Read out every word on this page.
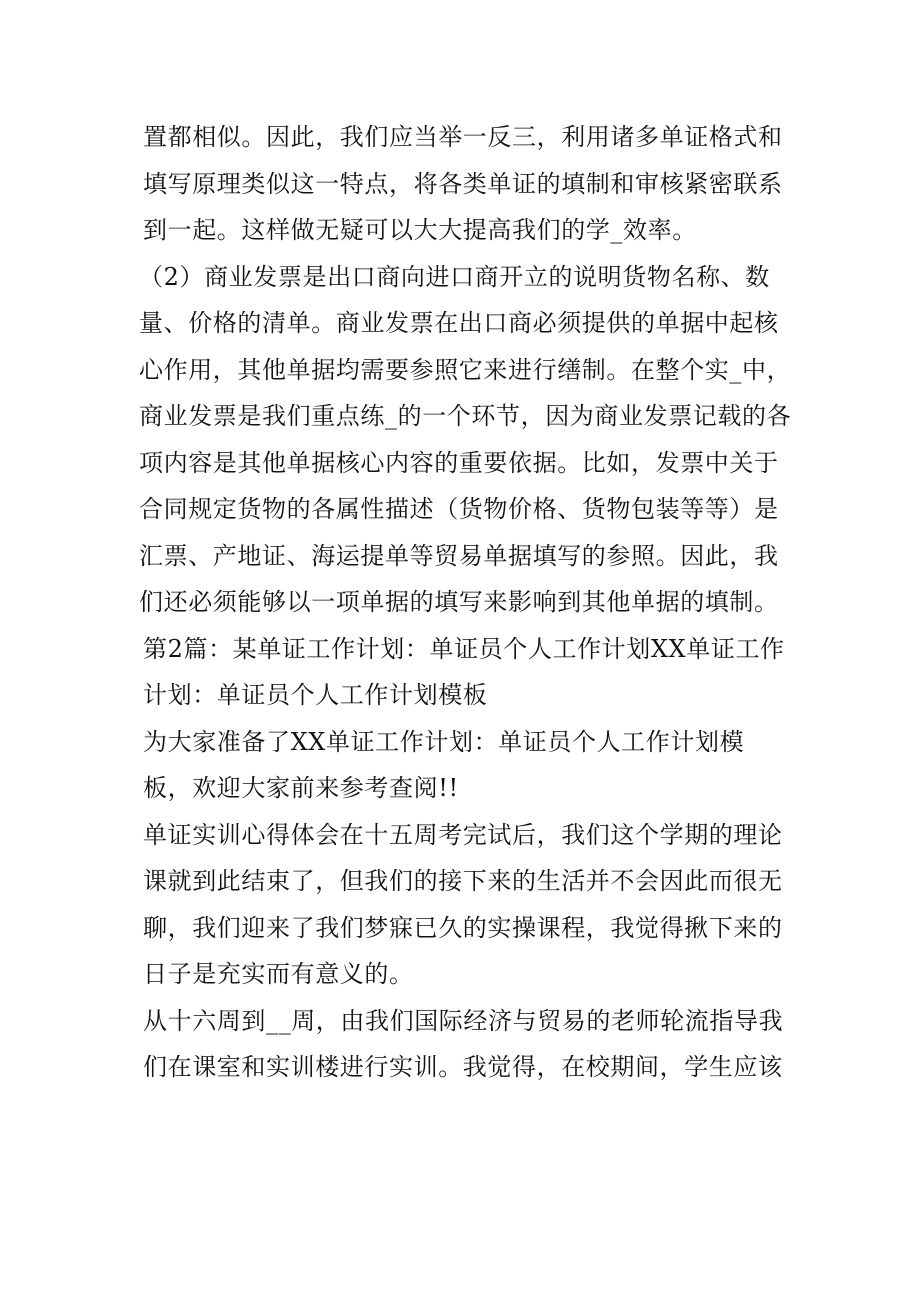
置都相似。因此，我们应当举一反三，利用诸多单证格式和填写原理类似这一特点，将各类单证的填制和审核紧密联系到一起。这样做无疑可以大大提高我们的学_效率。

（2）商业发票是出口商向进口商开立的说明货物名称、数量、价格的清单。商业发票在出口商必须提供的单据中起核心作用，其他单据均需要参照它来进行缮制。在整个实_中，商业发票是我们重点练_的一个环节，因为商业发票记载的各项内容是其他单据核心内容的重要依据。比如，发票中关于合同规定货物的各属性描述（货物价格、货物包装等等）是汇票、产地证、海运提单等贸易单据填写的参照。因此，我们还必须能够以一项单据的填写来影响到其他单据的填制。

第2篇：某单证工作计划：单证员个人工作计划XX单证工作计划：单证员个人工作计划模板

为大家准备了XX单证工作计划：单证员个人工作计划模板，欢迎大家前来参考查阅!!

单证实训心得体会在十五周考完试后，我们这个学期的理论课就到此结束了，但我们的接下来的生活并不会因此而很无聊，我们迎来了我们梦寐已久的实操课程，我觉得揪下来的日子是充实而有意义的。

从十六周到__周，由我们国际经济与贸易的老师轮流指导我们在课室和实训楼进行实训。我觉得，在校期间，学生应该
